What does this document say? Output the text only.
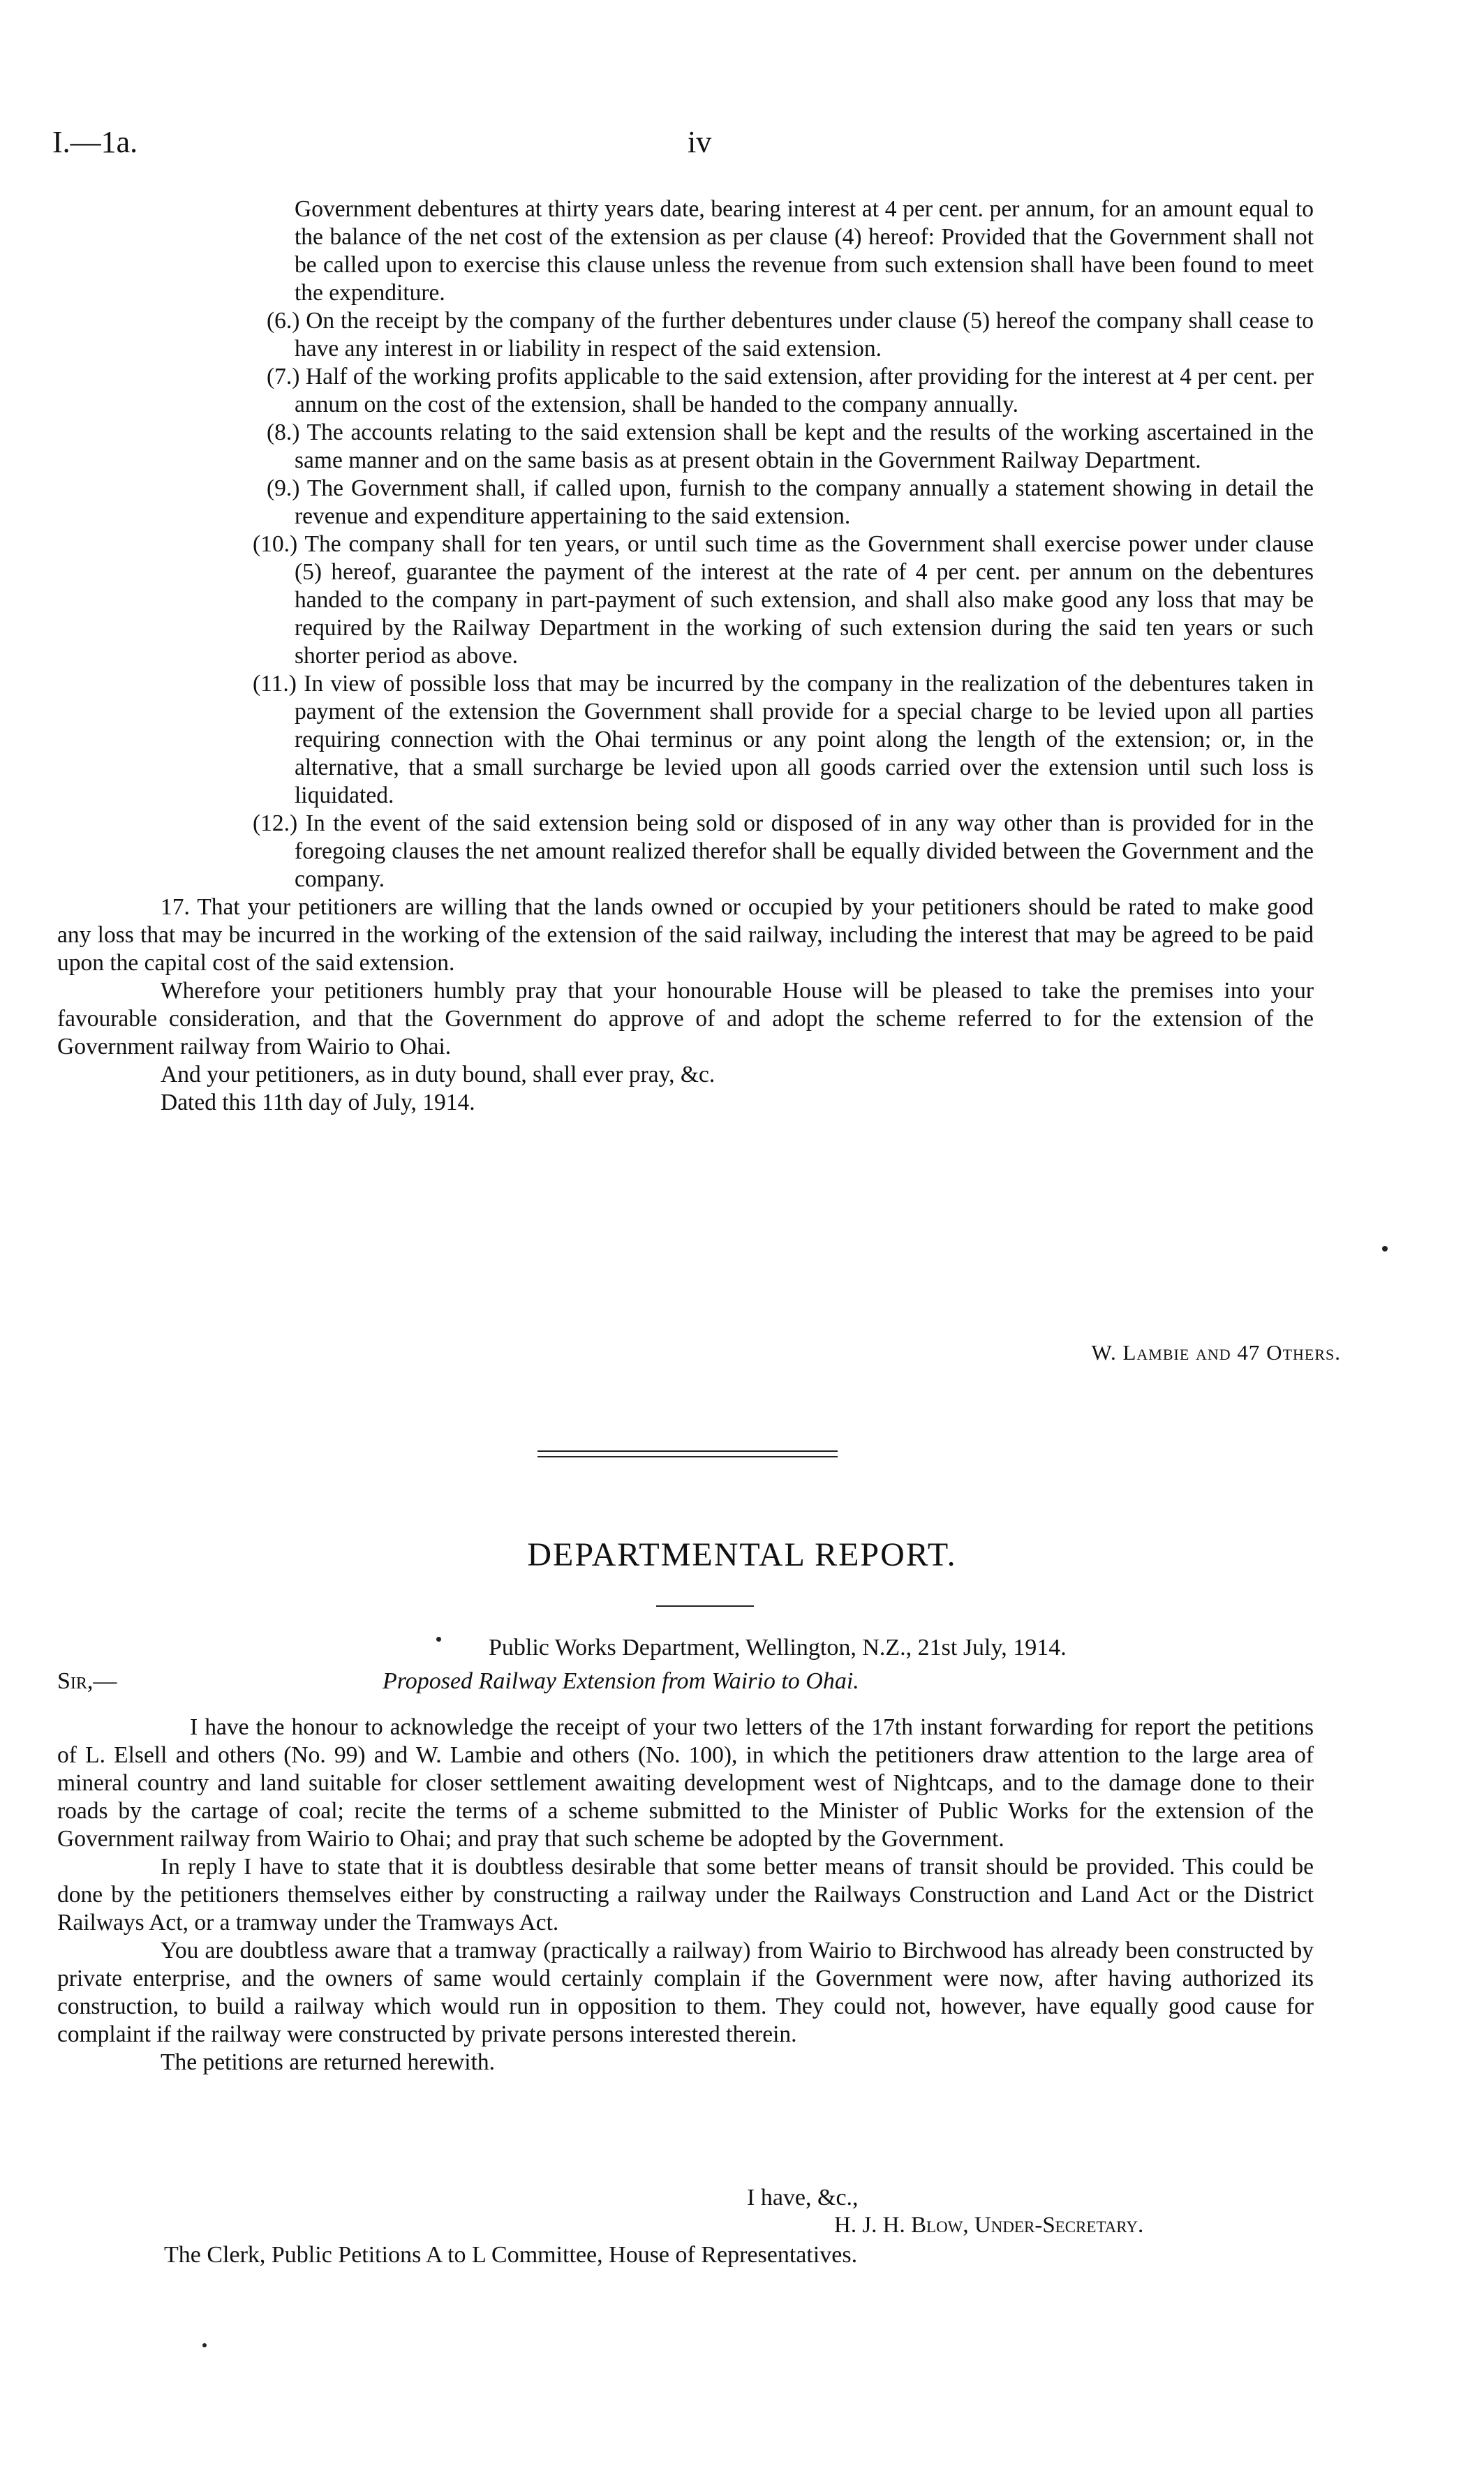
I.—1a.	iv

Government debentures at thirty years date, bearing interest at 4 per cent. per annum, for an amount equal to the balance of the net cost of the extension as per clause (4) hereof: Provided that the Government shall not be called upon to exercise this clause unless the revenue from such extension shall have been found to meet the expenditure.

(6.) On the receipt by the company of the further debentures under clause (5) hereof the company shall cease to have any interest in or liability in respect of the said extension.

(7.) Half of the working profits applicable to the said extension, after providing for the interest at 4 per cent. per annum on the cost of the extension, shall be handed to the company annually.

(8.) The accounts relating to the said extension shall be kept and the results of the working ascertained in the same manner and on the same basis as at present obtain in the Government Railway Department.

(9.) The Government shall, if called upon, furnish to the company annually a statement showing in detail the revenue and expenditure appertaining to the said extension.

(10.) The company shall for ten years, or until such time as the Government shall exercise power under clause (5) hereof, guarantee the payment of the interest at the rate of 4 per cent. per annum on the debentures handed to the company in part-payment of such extension, and shall also make good any loss that may be required by the Railway Department in the working of such extension during the said ten years or such shorter period as above.

(11.) In view of possible loss that may be incurred by the company in the realization of the debentures taken in payment of the extension the Government shall provide for a special charge to be levied upon all parties requiring connection with the Ohai terminus or any point along the length of the extension; or, in the alternative, that a small surcharge be levied upon all goods carried over the extension until such loss is liquidated.

(12.) In the event of the said extension being sold or disposed of in any way other than is provided for in the foregoing clauses the net amount realized therefor shall be equally divided between the Government and the company.

17. That your petitioners are willing that the lands owned or occupied by your petitioners should be rated to make good any loss that may be incurred in the working of the extension of the said railway, including the interest that may be agreed to be paid upon the capital cost of the said extension.

Wherefore your petitioners humbly pray that your honourable House will be pleased to take the premises into your favourable consideration, and that the Government do approve of and adopt the scheme referred to for the extension of the Government railway from Wairio to Ohai.

And your petitioners, as in duty bound, shall ever pray, &c.

Dated this 11th day of July, 1914.

W. Lambie and 47 Others.
DEPARTMENTAL REPORT.
Public Works Department, Wellington, N.Z., 21st July, 1914.
Sir,—	Proposed Railway Extension from Wairio to Ohai.

I have the honour to acknowledge the receipt of your two letters of the 17th instant forwarding for report the petitions of L. Elsell and others (No. 99) and W. Lambie and others (No. 100), in which the petitioners draw attention to the large area of mineral country and land suitable for closer settlement awaiting development west of Nightcaps, and to the damage done to their roads by the cartage of coal; recite the terms of a scheme submitted to the Minister of Public Works for the extension of the Government railway from Wairio to Ohai; and pray that such scheme be adopted by the Government.

In reply I have to state that it is doubtless desirable that some better means of transit should be provided. This could be done by the petitioners themselves either by constructing a railway under the Railways Construction and Land Act or the District Railways Act, or a tramway under the Tramways Act.

You are doubtless aware that a tramway (practically a railway) from Wairio to Birchwood has already been constructed by private enterprise, and the owners of same would certainly complain if the Government were now, after having authorized its construction, to build a railway which would run in opposition to them. They could not, however, have equally good cause for complaint if the railway were constructed by private persons interested therein.

The petitions are returned herewith.

I have, &c.,
H. J. H. Blow, Under-Secretary.
The Clerk, Public Petitions A to L Committee, House of Representatives.
